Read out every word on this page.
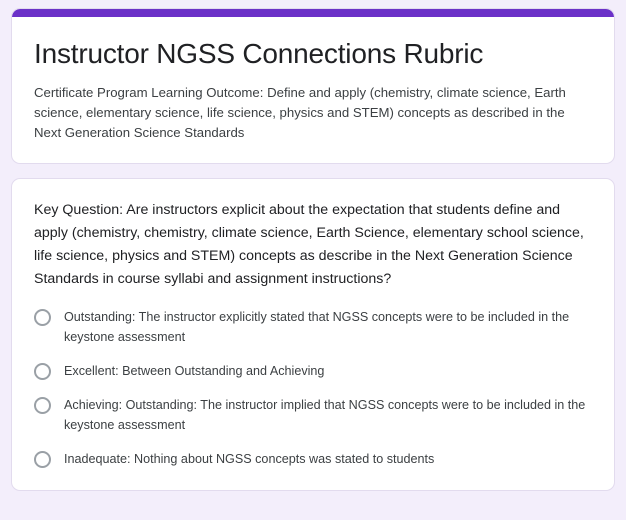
Instructor NGSS Connections Rubric

Certificate Program Learning Outcome: Define and apply (chemistry, climate science, Earth science, elementary science, life science, physics and STEM) concepts as described in the Next Generation Science Standards

Key Question: Are instructors explicit about the expectation that students define and apply (chemistry, chemistry, climate science, Earth Science, elementary school science, life science, physics and STEM) concepts as describe in the Next Generation Science Standards in course syllabi and assignment instructions?

Outstanding: The instructor explicitly stated that NGSS concepts were to be included in the keystone assessment
Excellent: Between Outstanding and Achieving
Achieving: Outstanding: The instructor implied that NGSS concepts were to be included in the keystone assessment
Inadequate: Nothing about NGSS concepts was stated to students
